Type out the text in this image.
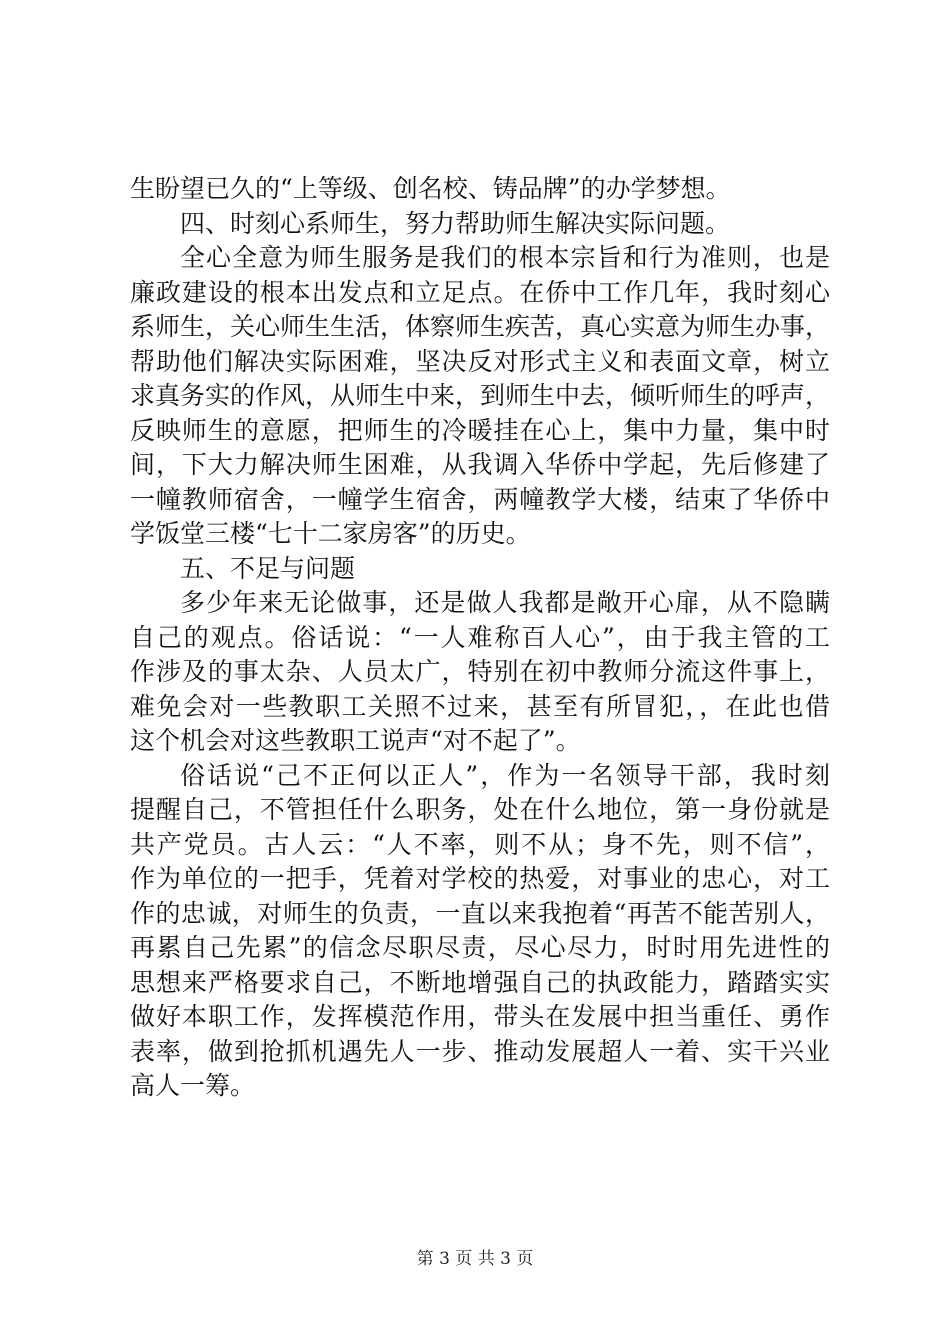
生盼望已久的“上等级、创名校、铸品牌”的办学梦想。
四、时刻心系师生，努力帮助师生解决实际问题。
全心全意为师生服务是我们的根本宗旨和行为准则，也是
廉政建设的根本出发点和立足点。在侨中工作几年，我时刻心
系师生，关心师生生活，体察师生疾苦，真心实意为师生办事，
帮助他们解决实际困难，坚决反对形式主义和表面文章，树立
求真务实的作风，从师生中来，到师生中去，倾听师生的呼声，
反映师生的意愿，把师生的冷暖挂在心上，集中力量，集中时
间，下大力解决师生困难，从我调入华侨中学起，先后修建了
一幢教师宿舍，一幢学生宿舍，两幢教学大楼，结束了华侨中
学饭堂三楼“七十二家房客”的历史。
五、不足与问题
多少年来无论做事，还是做人我都是敞开心扉，从不隐瞒
自己的观点。俗话说：“一人难称百人心”，由于我主管的工
作涉及的事太杂、人员太广，特别在初中教师分流这件事上，
难免会对一些教职工关照不过来，甚至有所冒犯，，在此也借
这个机会对这些教职工说声“对不起了”。
俗话说“己不正何以正人”，作为一名领导干部，我时刻
提醒自己，不管担任什么职务，处在什么地位，第一身份就是
共产党员。古人云：“人不率，则不从；身不先，则不信”，
作为单位的一把手，凭着对学校的热爱，对事业的忠心，对工
作的忠诚，对师生的负责，一直以来我抱着“再苦不能苦别人，
再累自己先累”的信念尽职尽责，尽心尽力，时时用先进性的
思想来严格要求自己，不断地增强自己的执政能力，踏踏实实
做好本职工作，发挥模范作用，带头在发展中担当重任、勇作
表率，做到抢抓机遇先人一步、推动发展超人一着、实干兴业
高人一筹。
第 3 页 共 3 页
